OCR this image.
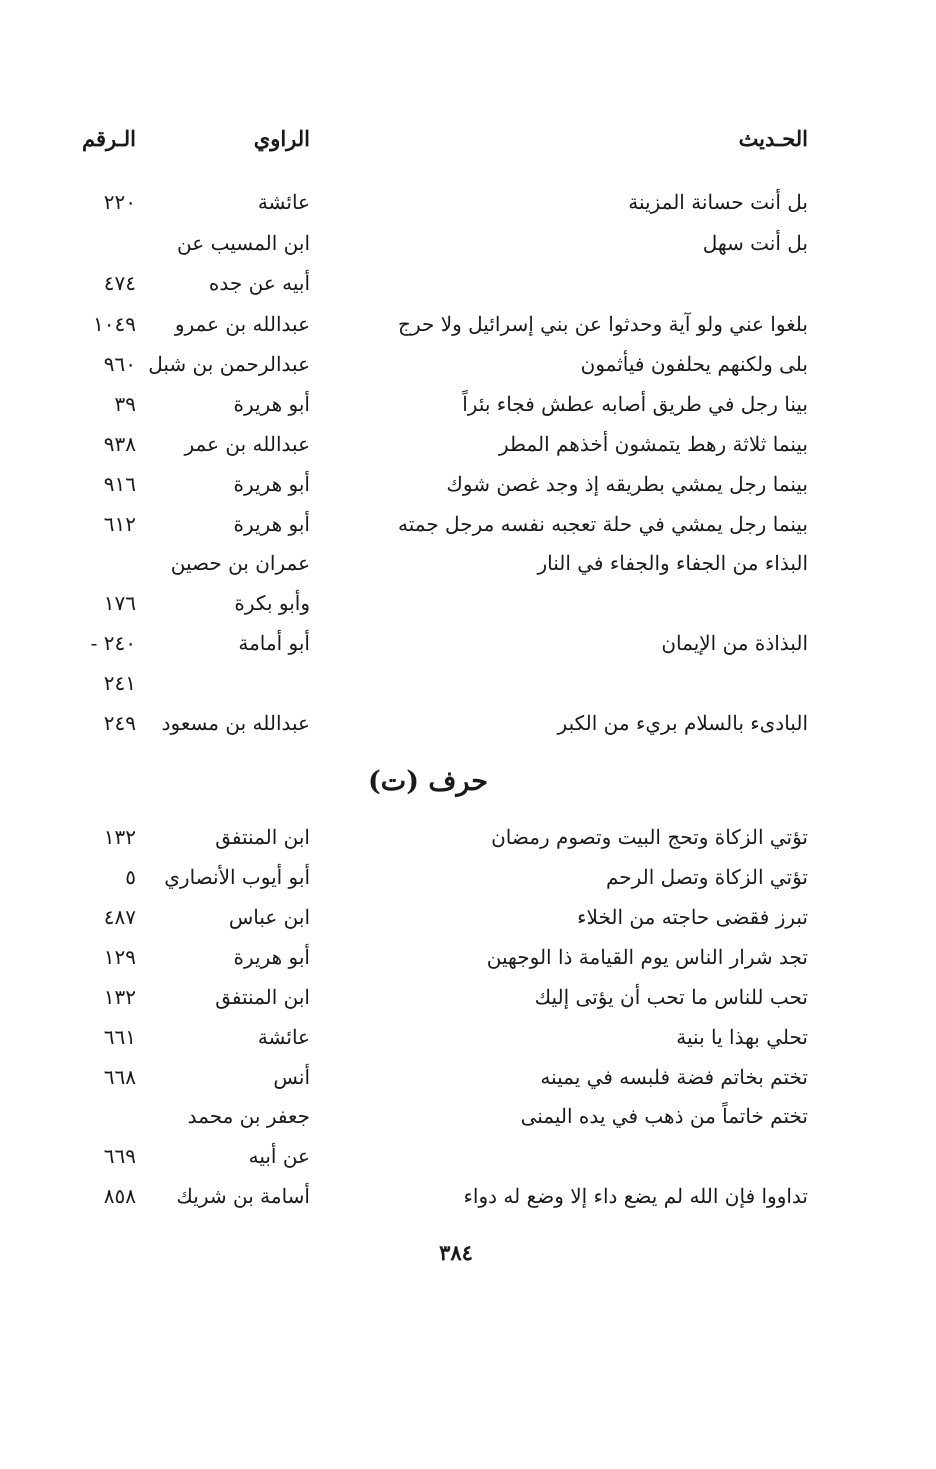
الحـديث
الراوي
الـرقم
بل أنت حسانة المزينة
عائشة
٢٢٠
بل أنت سهل
ابن المسيب عن
أبيه عن جده
٤٧٤
بلغوا عني ولو آية وحدثوا عن بني إسرائيل ولا حرج
عبدالله بن عمرو
١٠٤٩
بلى ولكنهم يحلفون فيأثمون
عبدالرحمن بن شبل
٩٦٠
بينا رجل في طريق أصابه عطش فجاء بئراً
أبو هريرة
٣٩
بينما ثلاثة رهط يتمشون أخذهم المطر
عبدالله بن عمر
٩٣٨
بينما رجل يمشي بطريقه إذ وجد غصن شوك
أبو هريرة
٩١٦
بينما رجل يمشي في حلة تعجبه نفسه مرجل جمته
أبو هريرة
٦١٢
البذاء من الجفاء والجفاء في النار
عمران بن حصين
وأبو بكرة
١٧٦
البذاذة من الإيمان
أبو أمامة
٢٤٠ -
٢٤١
البادىء بالسلام بريء من الكبر
عبدالله بن مسعود
٢٤٩
حرف (ت)
تؤتي الزكاة وتحج البيت وتصوم رمضان
ابن المنتفق
١٣٢
تؤتي الزكاة وتصل الرحم
أبو أيوب الأنصاري
٥
تبرز فقضى حاجته من الخلاء
ابن عباس
٤٨٧
تجد شرار الناس يوم القيامة ذا الوجهين
أبو هريرة
١٢٩
تحب للناس ما تحب أن يؤتى إليك
ابن المنتفق
١٣٢
تحلي بهذا يا بنية
عائشة
٦٦١
تختم بخاتم فضة فلبسه في يمينه
أنس
٦٦٨
تختم خاتماً من ذهب في يده اليمنى
جعفر بن محمد
عن أبيه
٦٦٩
تداووا فإن الله لم يضع داء إلا وضع له دواء
أسامة بن شريك
٨٥٨
٣٨٤
